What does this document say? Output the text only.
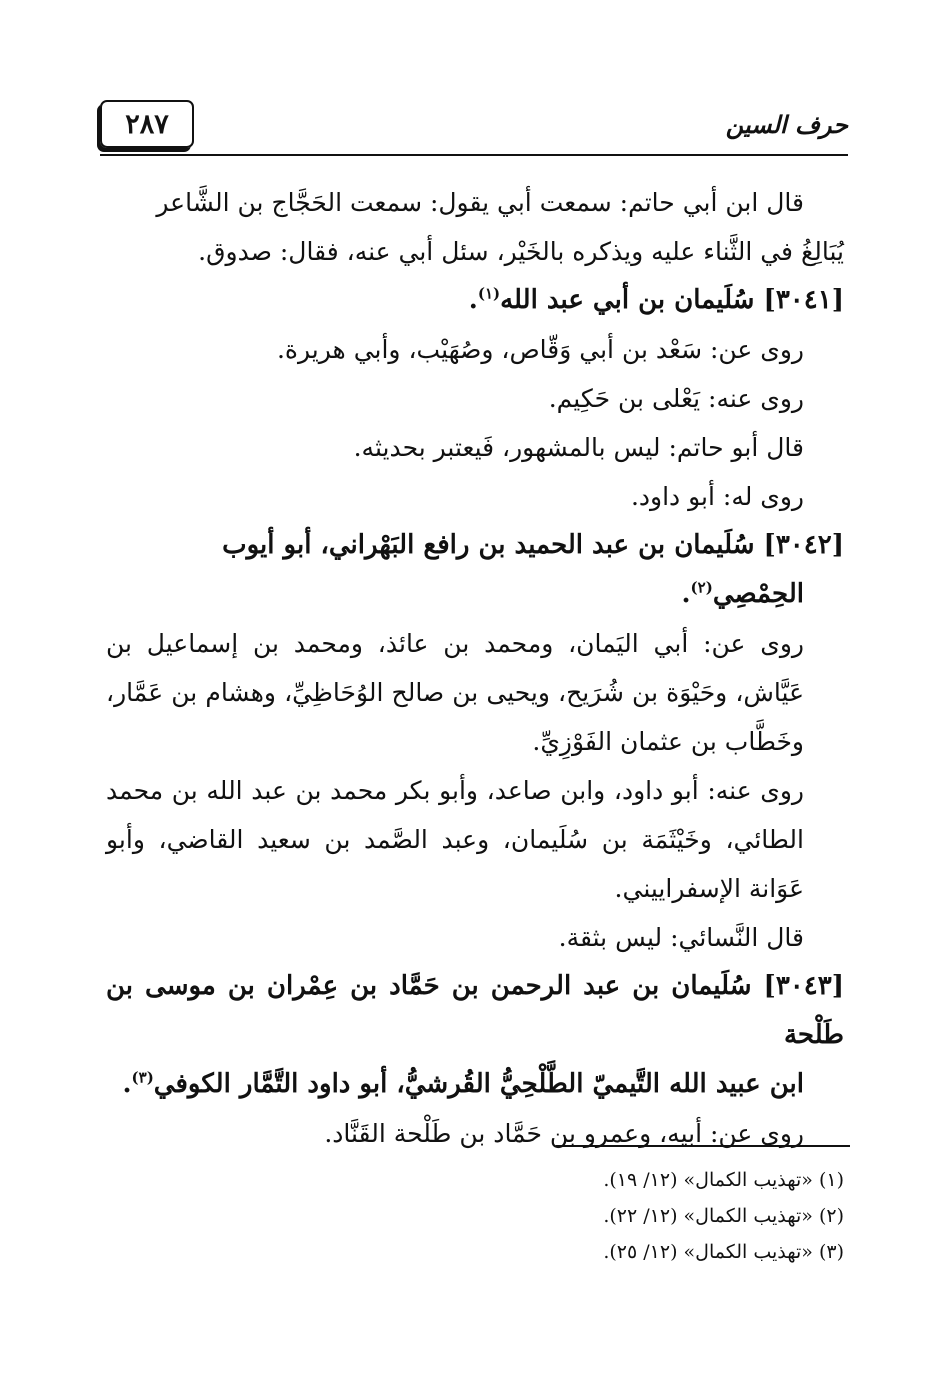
٢٨٧	حرف السين

قال ابن أبي حاتم: سمعت أبي يقول: سمعت الحَجَّاج بن الشَّاعر

يُبَالِغُ في الثَّناء عليه ويذكره بالخَيْر، سئل أبي عنه، فقال: صدوق.

[٣٠٤١] سُلَيمان بن أبي عبد الله$^{(١)}$.

روى عن: سَعْد بن أبي وَقّاص، وصُهَيْب، وأبي هريرة.

روى عنه: يَعْلى بن حَكِيم.

قال أبو حاتم: ليس بالمشهور، فَيعتبر بحديثه.

روى له: أبو داود.

[٣٠٤٢] سُلَيمان بن عبد الحميد بن رافع البَهْراني، أبو أيوب

الحِمْصِي$^{(٢)}$.

روى عن: أبي اليَمان، ومحمد بن عائذ، ومحمد بن إسماعيل بن عَيَّاش، وحَيْوَة بن شُرَيح، ويحيى بن صالح الوُحَاظِيِّ، وهشام بن عَمَّار، وخَطَّاب بن عثمان الفَوْزِيِّ.

روى عنه: أبو داود، وابن صاعد، وأبو بكر محمد بن عبد الله بن محمد الطائي، وخَيْثَمَة بن سُلَيمان، وعبد الصَّمد بن سعيد القاضي، وأبو عَوَانة الإسفراييني.

قال النَّسائي: ليس بثقة.

[٣٠٤٣] سُلَيمان بن عبد الرحمن بن حَمَّاد بن عِمْران بن موسى بن طَلْحة

ابن عبيد الله التَّيميّ الطَّلْحِيُّ القُرشيُّ، أبو داود التَّمَّار الكوفي$^{(٣)}$.

روى عن: أبيه، وعمرو بن حَمَّاد بن طَلْحة القَنَّاد.

(١) «تهذيب الكمال» (١٢/ ١٩).

(٢) «تهذيب الكمال» (١٢/ ٢٢).

(٣) «تهذيب الكمال» (١٢/ ٢٥).
